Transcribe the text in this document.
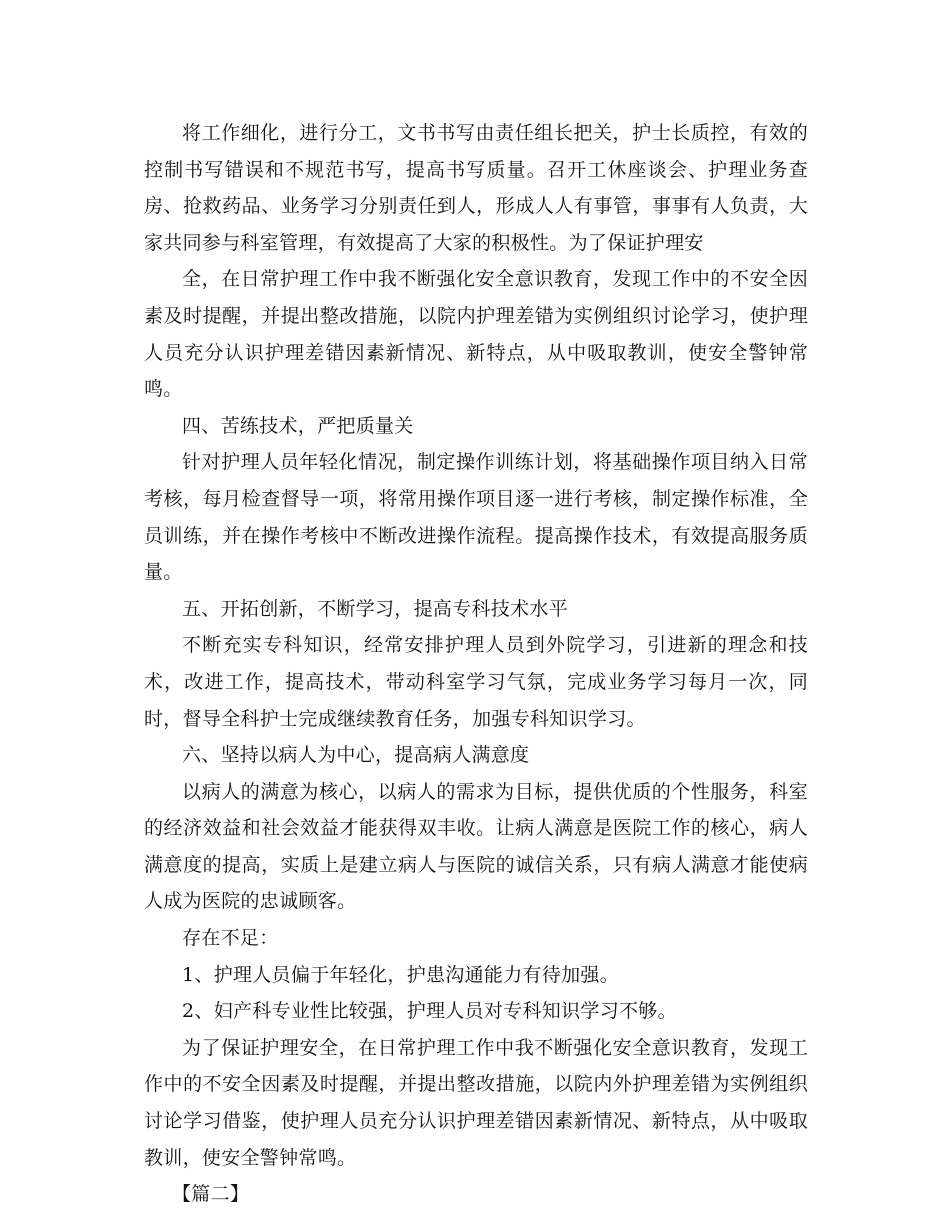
将工作细化，进行分工，文书书写由责任组长把关，护士长质控，有效的控制书写错误和不规范书写，提高书写质量。召开工休座谈会、护理业务查房、抢救药品、业务学习分别责任到人，形成人人有事管，事事有人负责，大家共同参与科室管理，有效提高了大家的积极性。为了保证护理安

全，在日常护理工作中我不断强化安全意识教育，发现工作中的不安全因素及时提醒，并提出整改措施，以院内护理差错为实例组织讨论学习，使护理人员充分认识护理差错因素新情况、新特点，从中吸取教训，使安全警钟常鸣。

四、苦练技术，严把质量关

针对护理人员年轻化情况，制定操作训练计划，将基础操作项目纳入日常考核，每月检查督导一项，将常用操作项目逐一进行考核，制定操作标准，全员训练，并在操作考核中不断改进操作流程。提高操作技术，有效提高服务质量。

五、开拓创新，不断学习，提高专科技术水平

不断充实专科知识，经常安排护理人员到外院学习，引进新的理念和技术，改进工作，提高技术，带动科室学习气氛，完成业务学习每月一次，同时，督导全科护士完成继续教育任务，加强专科知识学习。

六、坚持以病人为中心，提高病人满意度

以病人的满意为核心，以病人的需求为目标，提供优质的个性服务，科室的经济效益和社会效益才能获得双丰收。让病人满意是医院工作的核心，病人满意度的提高，实质上是建立病人与医院的诚信关系，只有病人满意才能使病人成为医院的忠诚顾客。

存在不足：

1、护理人员偏于年轻化，护患沟通能力有待加强。

2、妇产科专业性比较强，护理人员对专科知识学习不够。

为了保证护理安全，在日常护理工作中我不断强化安全意识教育，发现工作中的不安全因素及时提醒，并提出整改措施，以院内外护理差错为实例组织讨论学习借鉴，使护理人员充分认识护理差错因素新情况、新特点，从中吸取教训，使安全警钟常鸣。

【篇二】
